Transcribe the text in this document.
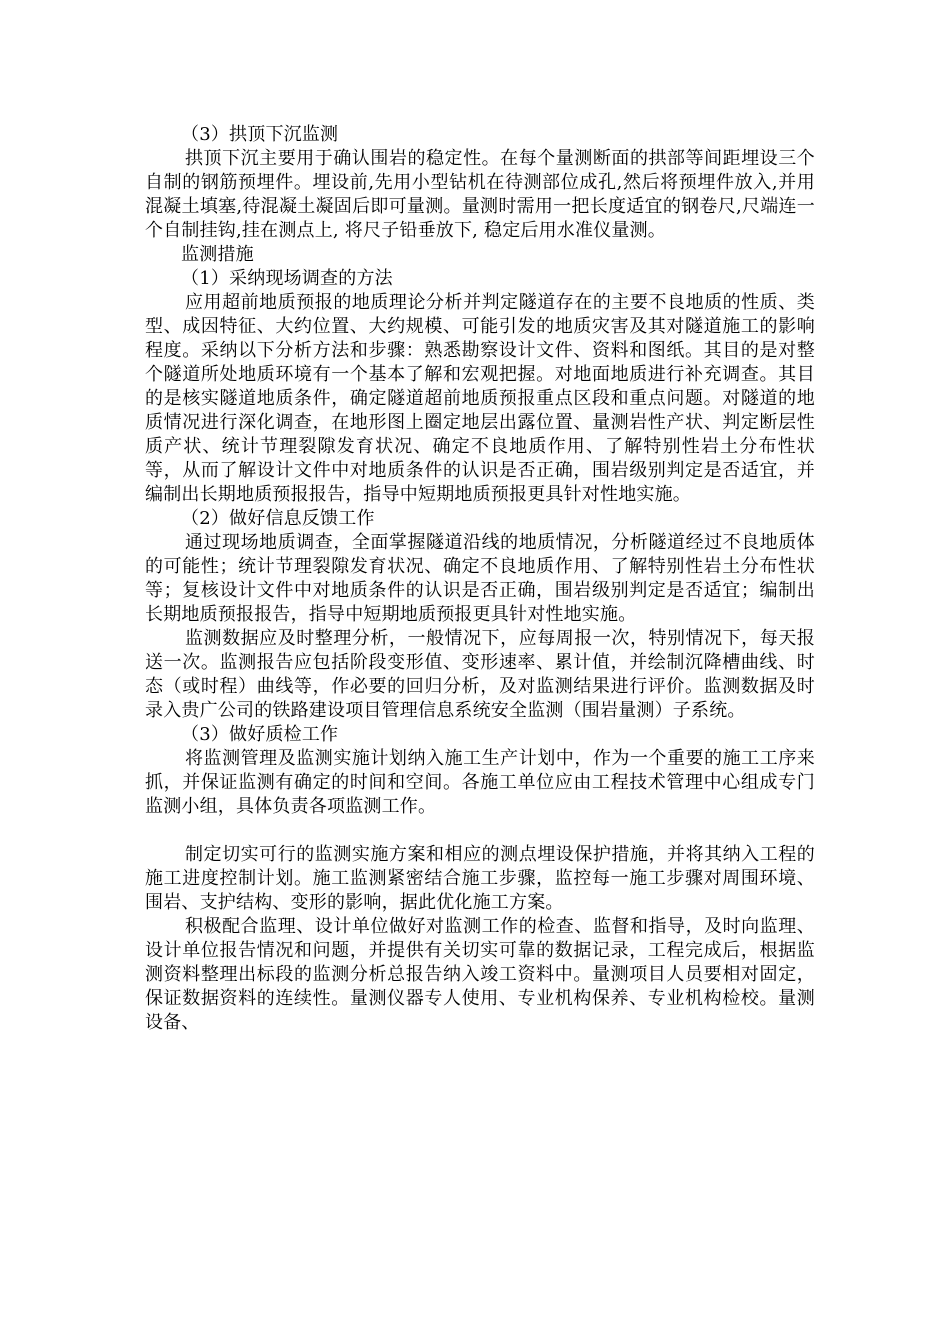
（3）拱顶下沉监测

拱顶下沉主要用于确认围岩的稳定性。在每个量测断面的拱部等间距埋设三个自制的钢筋预埋件。埋设前,先用小型钻机在待测部位成孔,然后将预埋件放入,并用混凝土填塞,待混凝土凝固后即可量测。量测时需用一把长度适宜的钢卷尺,尺端连一个自制挂钩,挂在测点上, 将尺子铅垂放下, 稳定后用水准仪量测。

监测措施

（1）采纳现场调查的方法

应用超前地质预报的地质理论分析并判定隧道存在的主要不良地质的性质、类型、成因特征、大约位置、大约规模、可能引发的地质灾害及其对隧道施工的影响程度。采纳以下分析方法和步骤：熟悉勘察设计文件、资料和图纸。其目的是对整个隧道所处地质环境有一个基本了解和宏观把握。对地面地质进行补充调查。其目的是核实隧道地质条件，确定隧道超前地质预报重点区段和重点问题。对隧道的地质情况进行深化调查，在地形图上圈定地层出露位置、量测岩性产状、判定断层性质产状、统计节理裂隙发育状况、确定不良地质作用、了解特别性岩土分布性状等，从而了解设计文件中对地质条件的认识是否正确，围岩级别判定是否适宜，并编制出长期地质预报报告，指导中短期地质预报更具针对性地实施。

（2）做好信息反馈工作

通过现场地质调查，全面掌握隧道沿线的地质情况，分析隧道经过不良地质体的可能性；统计节理裂隙发育状况、确定不良地质作用、了解特别性岩土分布性状等；复核设计文件中对地质条件的认识是否正确，围岩级别判定是否适宜；编制出长期地质预报报告，指导中短期地质预报更具针对性地实施。

监测数据应及时整理分析，一般情况下，应每周报一次，特别情况下，每天报送一次。监测报告应包括阶段变形值、变形速率、累计值，并绘制沉降槽曲线、时态（或时程）曲线等，作必要的回归分析，及对监测结果进行评价。监测数据及时录入贵广公司的铁路建设项目管理信息系统安全监测（围岩量测）子系统。

（3）做好质检工作

将监测管理及监测实施计划纳入施工生产计划中，作为一个重要的施工工序来抓，并保证监测有确定的时间和空间。各施工单位应由工程技术管理中心组成专门监测小组，具体负责各项监测工作。

制定切实可行的监测实施方案和相应的测点埋设保护措施，并将其纳入工程的施工进度控制计划。施工监测紧密结合施工步骤，监控每一施工步骤对周围环境、围岩、支护结构、变形的影响，据此优化施工方案。

积极配合监理、设计单位做好对监测工作的检查、监督和指导，及时向监理、设计单位报告情况和问题，并提供有关切实可靠的数据记录，工程完成后，根据监测资料整理出标段的监测分析总报告纳入竣工资料中。量测项目人员要相对固定，保证数据资料的连续性。量测仪器专人使用、专业机构保养、专业机构检校。量测设备、
